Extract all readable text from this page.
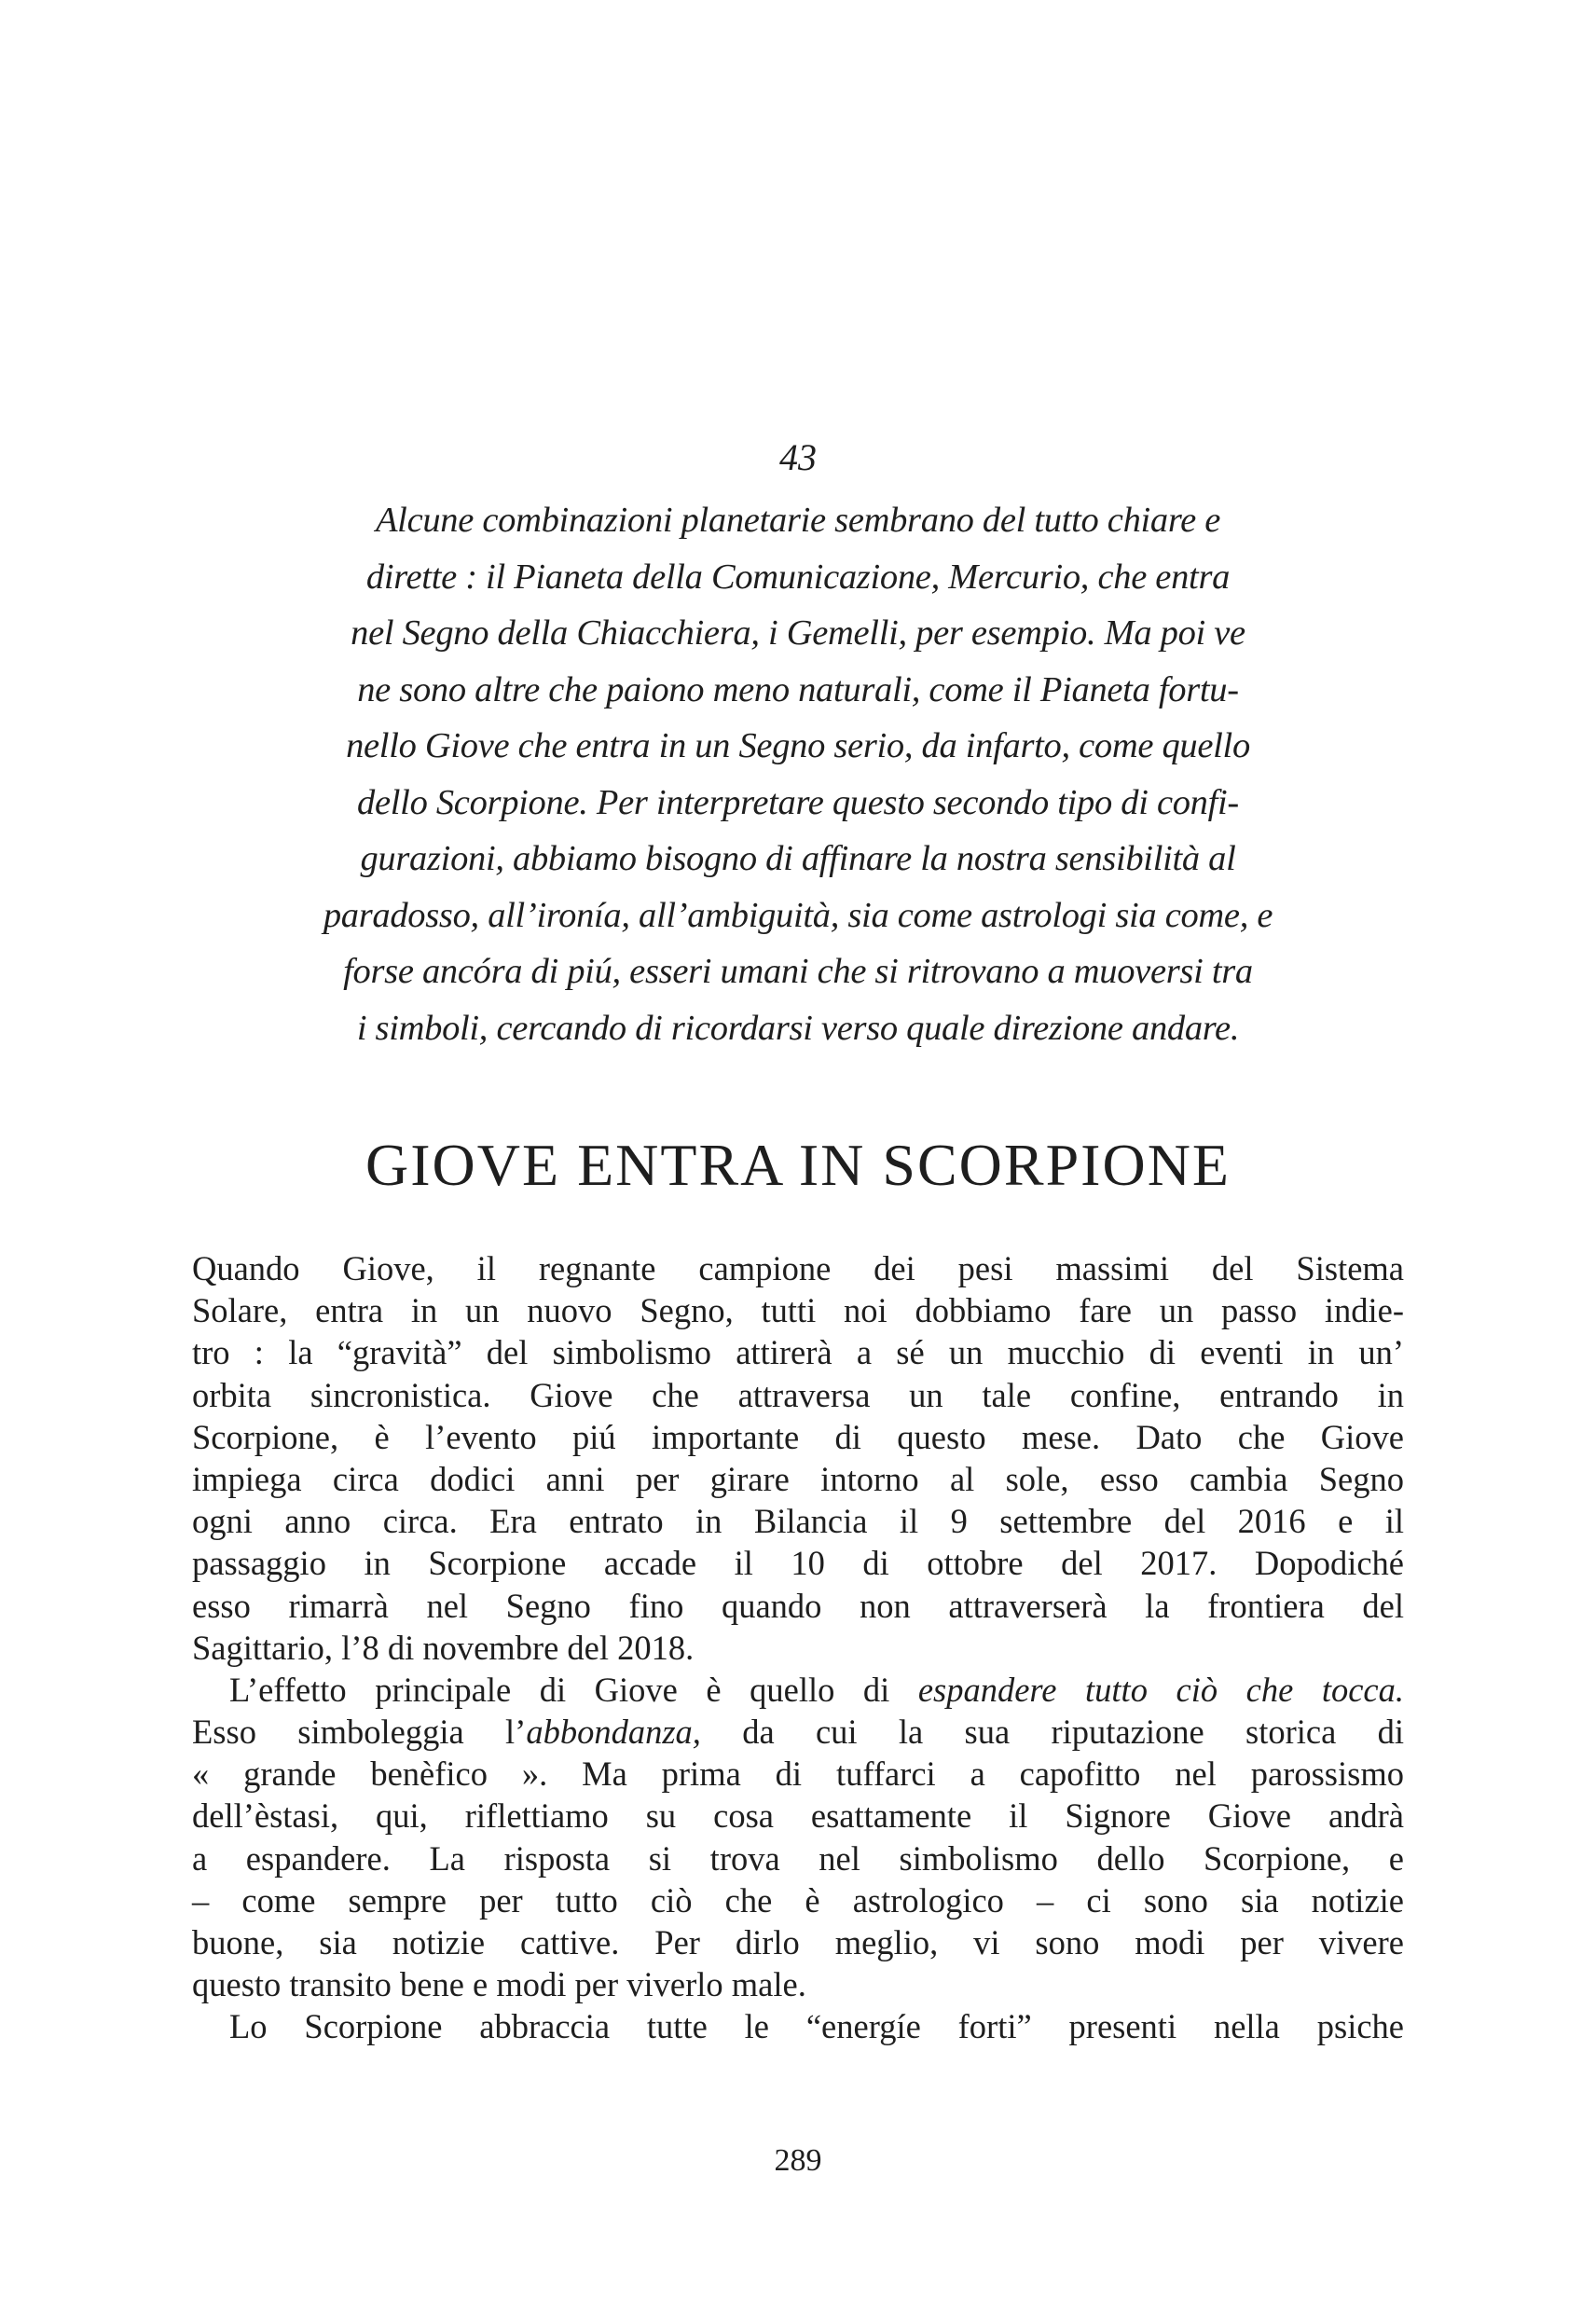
43
Alcune combinazioni planetarie sembrano del tutto chiare e
dirette : il Pianeta della Comunicazione, Mercurio, che entra
nel Segno della Chiacchiera, i Gemelli, per esempio. Ma poi ve
ne sono altre che paiono meno naturali, come il Pianeta fortu-
nello Giove che entra in un Segno serio, da infarto, come quello
dello Scorpione. Per interpretare questo secondo tipo di confi-
gurazioni, abbiamo bisogno di affinare la nostra sensibilità al
paradosso, all’ironía, all’ambiguità, sia come astrologi sia come, e
forse ancóra di piú, esseri umani che si ritrovano a muoversi tra
i simboli, cercando di ricordarsi verso quale direzione andare.
GIOVE ENTRA IN SCORPIONE
Quando Giove, il regnante campione dei pesi massimi del Sistema
Solare, entra in un nuovo Segno, tutti noi dobbiamo fare un passo indie-
tro : la “gravità” del simbolismo attirerà a sé un mucchio di eventi in un’
orbita sincronistica. Giove che attraversa un tale confine, entrando in
Scorpione, è l’evento piú importante di questo mese. Dato che Giove
impiega circa dodici anni per girare intorno al sole, esso cambia Segno
ogni anno circa. Era entrato in Bilancia il 9 settembre del 2016 e il
passaggio in Scorpione accade il 10 di ottobre del 2017. Dopodiché
esso rimarrà nel Segno fino quando non attraverserà la frontiera del
Sagittario, l’8 di novembre del 2018.
L’effetto principale di Giove è quello di espandere tutto ciò che tocca.
Esso simboleggia l’abbondanza, da cui la sua riputazione storica di
« grande benèfico ». Ma prima di tuffarci a capofitto nel parossismo
dell’èstasi, qui, riflettiamo su cosa esattamente il Signore Giove andrà
a espandere. La risposta si trova nel simbolismo dello Scorpione, e
– come sempre per tutto ciò che è astrologico – ci sono sia notizie
buone, sia notizie cattive. Per dirlo meglio, vi sono modi per vivere
questo transito bene e modi per viverlo male.
Lo Scorpione abbraccia tutte le “energíe forti” presenti nella psiche
289
